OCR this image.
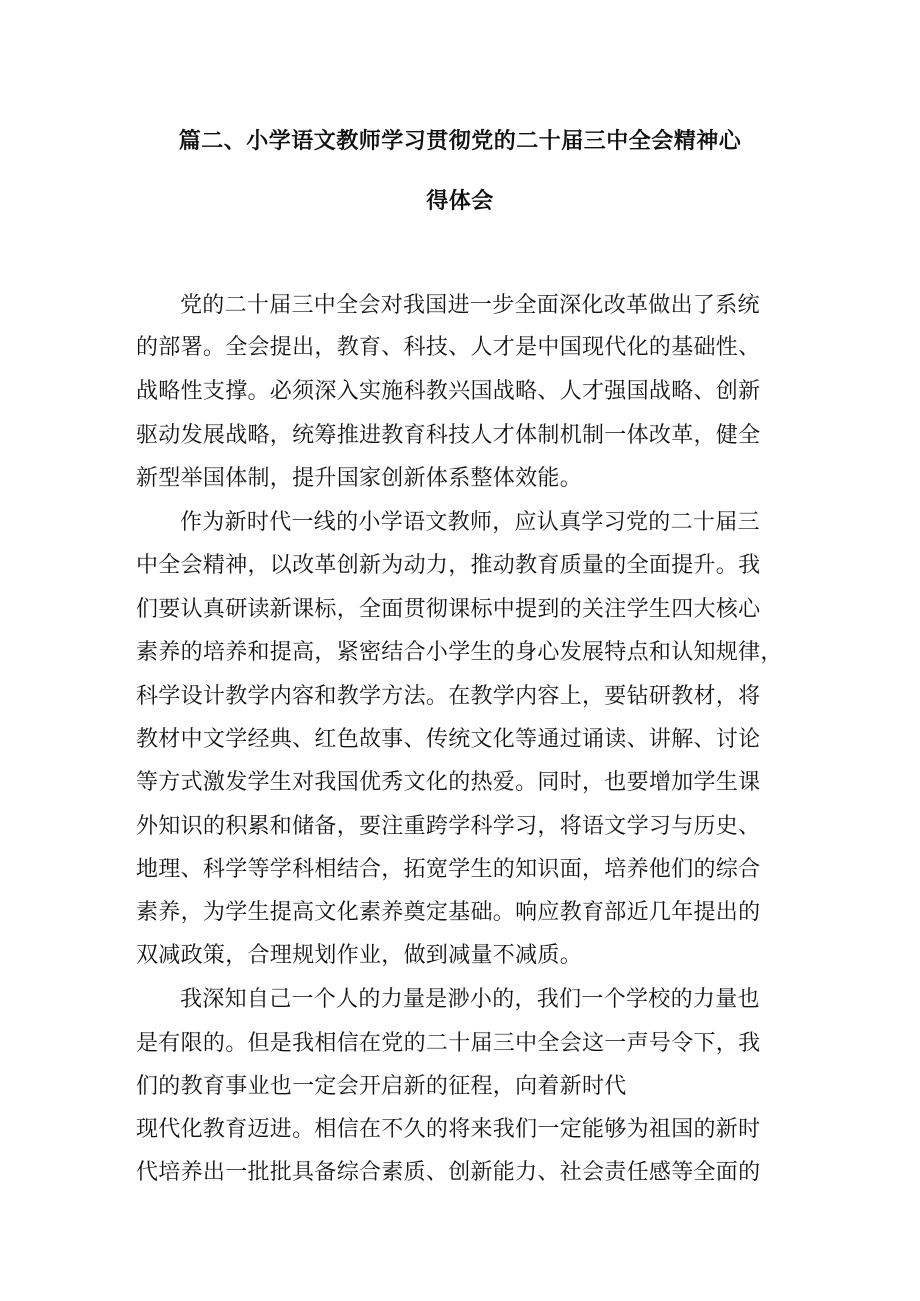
篇二、小学语文教师学习贯彻党的二十届三中全会精神心
得体会
党的二十届三中全会对我国进一步全面深化改革做出了系统
的部署。全会提出，教育、科技、人才是中国现代化的基础性、
战略性支撑。必须深入实施科教兴国战略、人才强国战略、创新
驱动发展战略，统筹推进教育科技人才体制机制一体改革，健全
新型举国体制，提升国家创新体系整体效能。
作为新时代一线的小学语文教师，应认真学习党的二十届三
中全会精神，以改革创新为动力，推动教育质量的全面提升。我
们要认真研读新课标，全面贯彻课标中提到的关注学生四大核心
素养的培养和提高，紧密结合小学生的身心发展特点和认知规律，
科学设计教学内容和教学方法。在教学内容上，要钻研教材，将
教材中文学经典、红色故事、传统文化等通过诵读、讲解、讨论
等方式激发学生对我国优秀文化的热爱。同时，也要增加学生课
外知识的积累和储备，要注重跨学科学习，将语文学习与历史、
地理、科学等学科相结合，拓宽学生的知识面，培养他们的综合
素养，为学生提高文化素养奠定基础。响应教育部近几年提出的
双减政策，合理规划作业，做到减量不减质。
我深知自己一个人的力量是渺小的，我们一个学校的力量也
是有限的。但是我相信在党的二十届三中全会这一声号令下，我
们的教育事业也一定会开启新的征程，向着新时代
现代化教育迈进。相信在不久的将来我们一定能够为祖国的新时
代培养出一批批具备综合素质、创新能力、社会责任感等全面的
